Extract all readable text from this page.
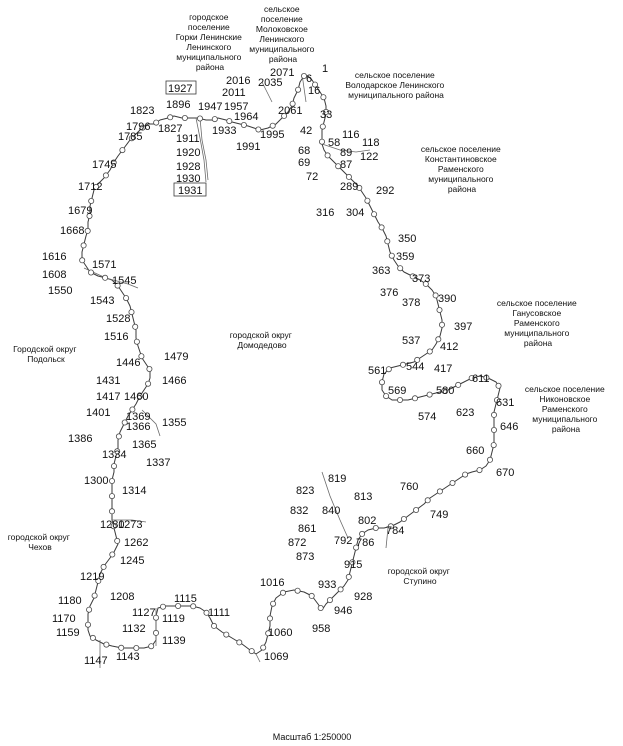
1
6
16
33
42
58
68
69
72
87
89
116
118
122
289 292
304
316
350
359
363
373
376
378 390
397
412
417
537
544
561
569
574
580
611
623
631
646
660
670
749
760
784
786
792
802
813
819
823
832 840
861
872
873
915
928
933
946
958
1016
1060
1069
1111
1115
1119
1127
1132
1139
1143
1147
1159
1170
1180	1208
1219
1245
1262
1273
1280
1300
1314
1334
1337
1355
1365
1366
1369
1386
1401
1417
1431
1446
1460
1466
1479
1516
1528
1543
1545
1550
1571
1608
1616
1668
1679
1712
1745
1785
1796
1823
1827
1896
1911
1920
1927
1928
1930
1931
1933
1947 1957
1964
1991
1995
2011
2016 2035
2061
2071
городское поселение Горки Ленинские Ленинского муниципального района
сельское поселение Молоковское Ленинского муниципального района
сельское поселение Володарское Ленинского муниципального района
сельское поселение Константиновское Раменского муниципального района
сельское поселение Ганусовское Раменского муниципального района
сельское поселение Никоновское Раменского муниципального района
городской округ Домодедово
Городской округ Подольск
городской округ Чехов
городской округ Ступино
Масштаб 1:250000
